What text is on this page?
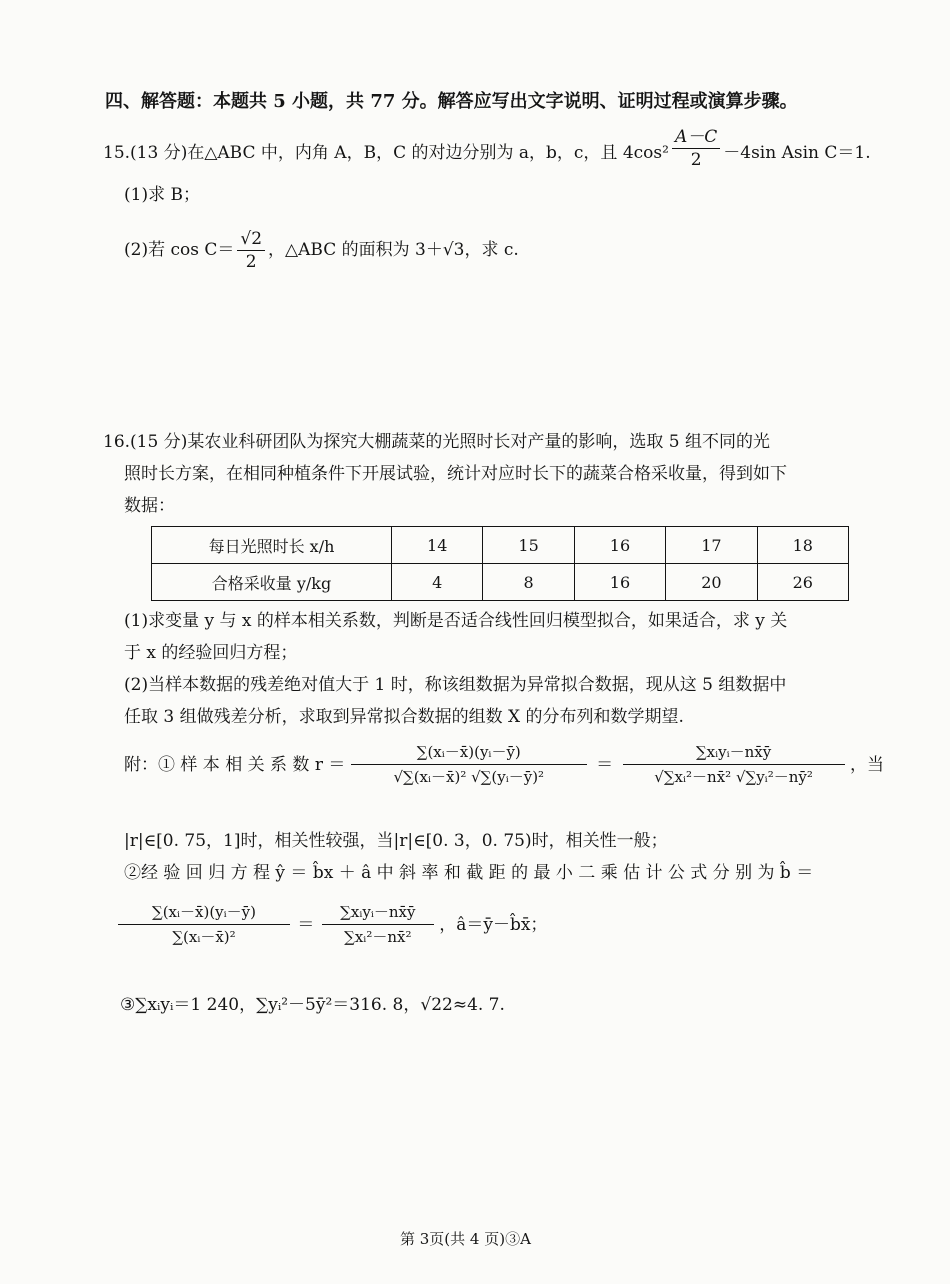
四、解答题：本题共 5 小题，共 77 分。解答应写出文字说明、证明过程或演算步骤。
15.(13 分)在△ABC 中，内角 A，B，C 的对边分别为 a，b，c，且 $4\cos^2 \frac{A-C}{2} -4\sin$ Asin C＝1.
(1)求 B；
(2)若 $\cos C= \frac{√2}{2}$ ，△ABC 的面积为 3＋√3，求 c.
16.(15 分)某农业科研团队为探究大棚蔬菜的光照时长对产量的影响，选取 5 组不同的光
照时长方案，在相同种植条件下开展试验，统计对应时长下的蔬菜合格采收量，得到如下
数据：
每日光照时长 x/h	14	15	16	17	18
合格采收量 y/kg	4	8	16	20	26
(1)求变量 y 与 x 的样本相关系数，判断是否适合线性回归模型拟合，如果适合，求 y 关
于 x 的经验回归方程；
(2)当样本数据的残差绝对值大于 1 时，称该组数据为异常拟合数据，现从这 5 组数据中
任取 3 组做残差分析，求取到异常拟合数据的组数 X 的分布列和数学期望.
附：① 样 本 相 关 系 数 $r = \frac{\text{∑(xᵢ－x̄)(yᵢ－ȳ)}}{\text{√∑(xᵢ－x̄)² √∑(yᵢ－ȳ)²}} = \frac{\text{∑xᵢyᵢ－nx̄ȳ}}{\text{√∑xᵢ²－nx̄² √∑yᵢ²－nȳ²}}$ ，当
|r|∈[0. 75，1]时，相关性较强，当|r|∈[0. 3，0. 75)时，相关性一般；
②经 验 回 归 方 程 ŷ ＝ b̂x ＋ â 中 斜 率 和 截 距 的 最 小 二 乘 估 计 公 式 分 别 为 b̂ ＝
$\frac{\text{∑(xᵢ－x̄)(yᵢ－ȳ)}}{\text{∑(xᵢ－x̄)²}} = \frac{\text{∑xᵢyᵢ－nx̄ȳ}}{\text{∑xᵢ²－nx̄²}}$ ，â＝ȳ－b̂x̄；
③∑xᵢyᵢ＝1 240，∑yᵢ²－5ȳ²＝316. 8，√22≈4. 7.
第 3页(共 4 页)③A
